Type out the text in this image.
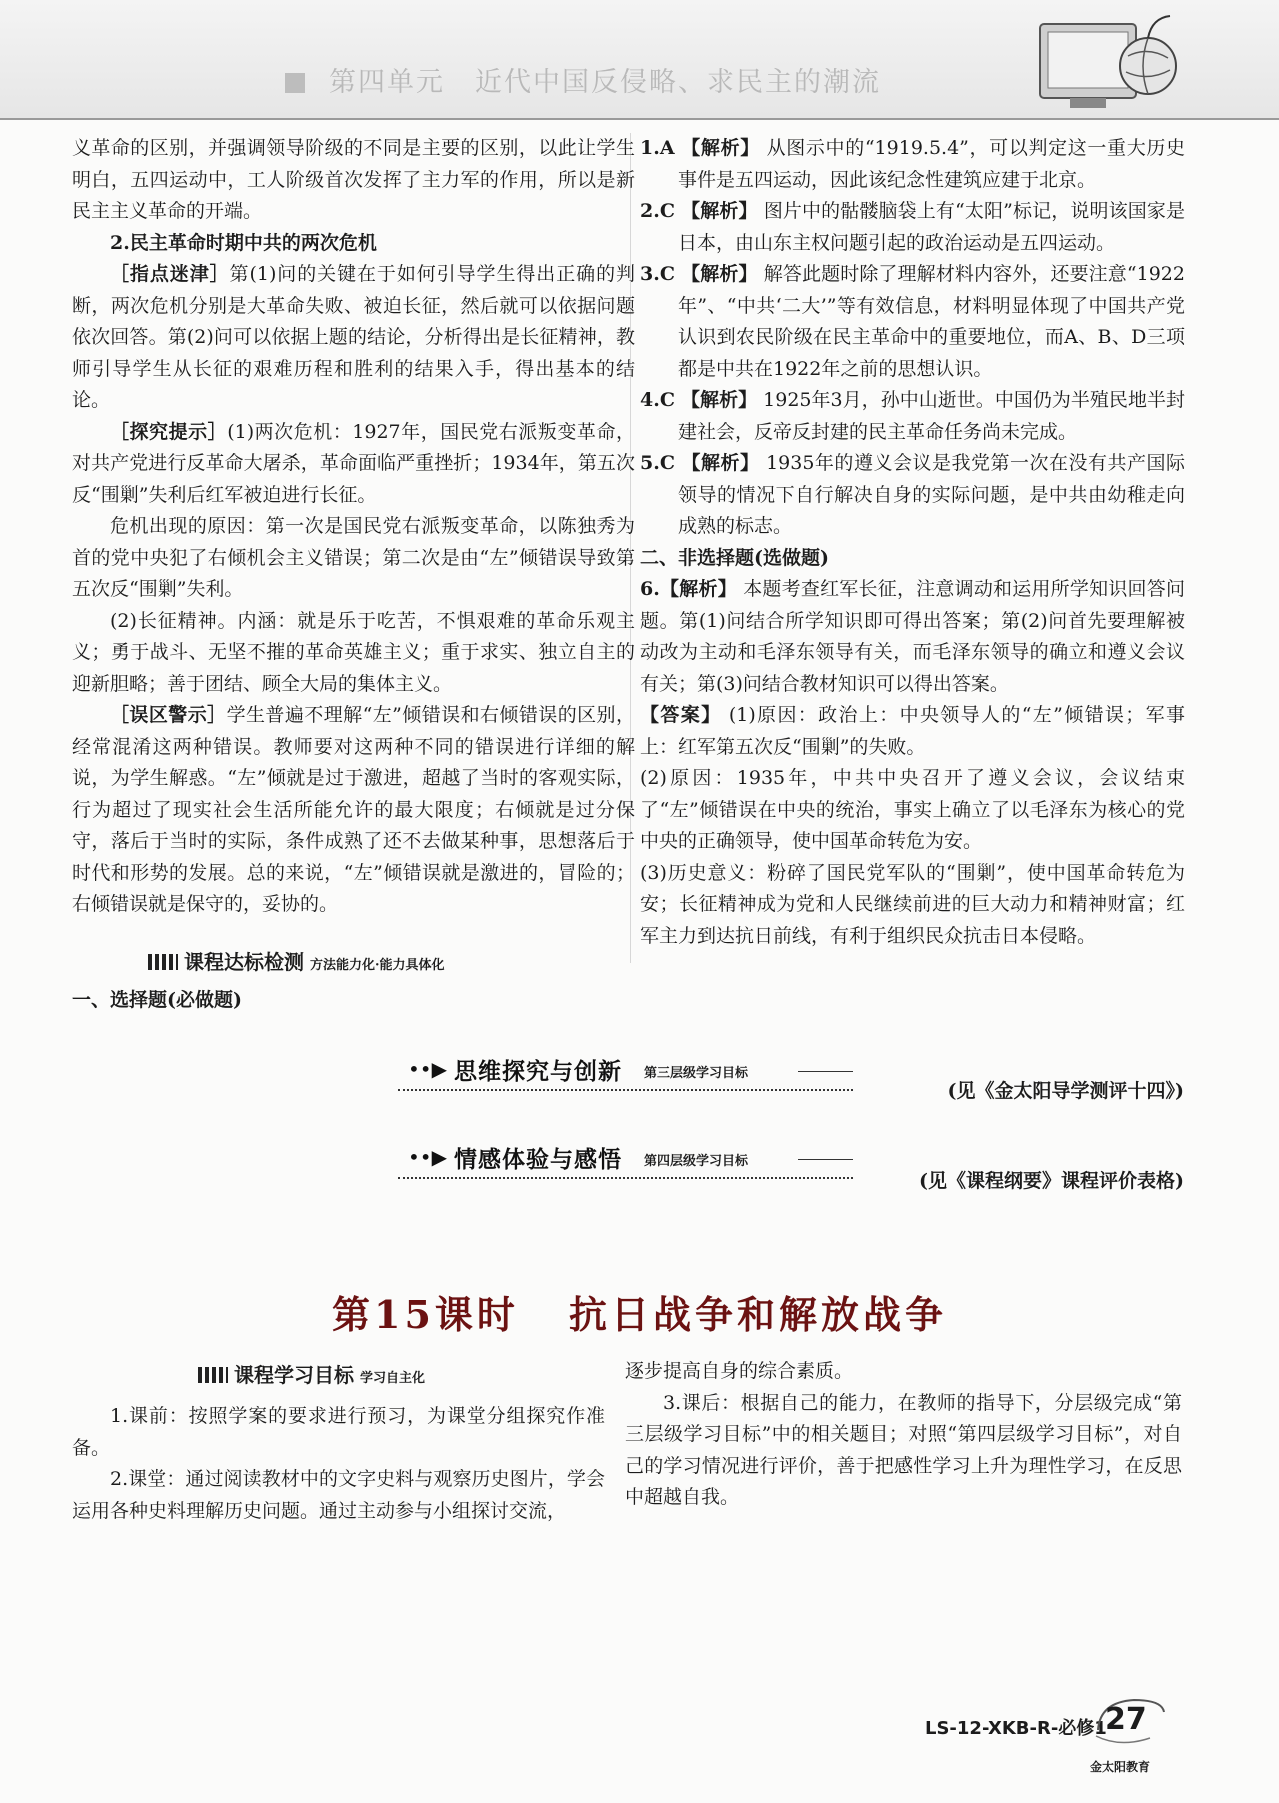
第四单元 近代中国反侵略、求民主的潮流

义革命的区别，并强调领导阶级的不同是主要的区别，以此让学生明白，五四运动中，工人阶级首次发挥了主力军的作用，所以是新民主主义革命的开端。

2.民主革命时期中共的两次危机

［指点迷津］第(1)问的关键在于如何引导学生得出正确的判断，两次危机分别是大革命失败、被迫长征，然后就可以依据问题依次回答。第(2)问可以依据上题的结论，分析得出是长征精神，教师引导学生从长征的艰难历程和胜利的结果入手，得出基本的结论。

［探究提示］(1)两次危机：1927年，国民党右派叛变革命，对共产党进行反革命大屠杀，革命面临严重挫折；1934年，第五次反“围剿”失利后红军被迫进行长征。

危机出现的原因：第一次是国民党右派叛变革命，以陈独秀为首的党中央犯了右倾机会主义错误；第二次是由“左”倾错误导致第五次反“围剿”失利。

(2)长征精神。内涵：就是乐于吃苦，不惧艰难的革命乐观主义；勇于战斗、无坚不摧的革命英雄主义；重于求实、独立自主的迎新胆略；善于团结、顾全大局的集体主义。

［误区警示］学生普遍不理解“左”倾错误和右倾错误的区别，经常混淆这两种错误。教师要对这两种不同的错误进行详细的解说，为学生解惑。“左”倾就是过于激进，超越了当时的客观实际，行为超过了现实社会生活所能允许的最大限度；右倾就是过分保守，落后于当时的实际，条件成熟了还不去做某种事，思想落后于时代和形势的发展。总的来说，“左”倾错误就是激进的，冒险的；右倾错误就是保守的，妥协的。

课程达标检测 方法能力化·能力具体化
一、选择题(必做题)

1.A 【解析】 从图示中的“1919.5.4”，可以判定这一重大历史事件是五四运动，因此该纪念性建筑应建于北京。

2.C 【解析】 图片中的骷髅脑袋上有“太阳”标记，说明该国家是日本，由山东主权问题引起的政治运动是五四运动。

3.C 【解析】 解答此题时除了理解材料内容外，还要注意“1922年”、“中共‘二大’”等有效信息，材料明显体现了中国共产党认识到农民阶级在民主革命中的重要地位，而A、B、D三项都是中共在1922年之前的思想认识。

4.C 【解析】 1925年3月，孙中山逝世。中国仍为半殖民地半封建社会，反帝反封建的民主革命任务尚未完成。

5.C 【解析】 1935年的遵义会议是我党第一次在没有共产国际领导的情况下自行解决自身的实际问题，是中共由幼稚走向成熟的标志。

二、非选择题(选做题)

6.【解析】 本题考查红军长征，注意调动和运用所学知识回答问题。第(1)问结合所学知识即可得出答案；第(2)问首先要理解被动改为主动和毛泽东领导有关，而毛泽东领导的确立和遵义会议有关；第(3)问结合教材知识可以得出答案。

【答案】 (1)原因：政治上：中央领导人的“左”倾错误；军事上：红军第五次反“围剿”的失败。

(2)原因：1935年，中共中央召开了遵义会议，会议结束了“左”倾错误在中央的统治，事实上确立了以毛泽东为核心的党中央的正确领导，使中国革命转危为安。

(3)历史意义：粉碎了国民党军队的“围剿”，使中国革命转危为安；长征精神成为党和人民继续前进的巨大动力和精神财富；红军主力到达抗日前线，有利于组织民众抗击日本侵略。

••▶ 思维探究与创新 第三层级学习目标
(见《金太阳导学测评十四》)
••▶ 情感体验与感悟 第四层级学习目标
(见《课程纲要》课程评价表格)
第15课时 抗日战争和解放战争
课程学习目标 学习自主化

1.课前：按照学案的要求进行预习，为课堂分组探究作准备。

2.课堂：通过阅读教材中的文字史料与观察历史图片，学会运用各种史料理解历史问题。通过主动参与小组探讨交流，

逐步提高自身的综合素质。

3.课后：根据自己的能力，在教师的指导下，分层级完成“第三层级学习目标”中的相关题目；对照“第四层级学习目标”，对自己的学习情况进行评价，善于把感性学习上升为理性学习，在反思中超越自我。

LS-12-XKB-R-必修1
27
金太阳教育
